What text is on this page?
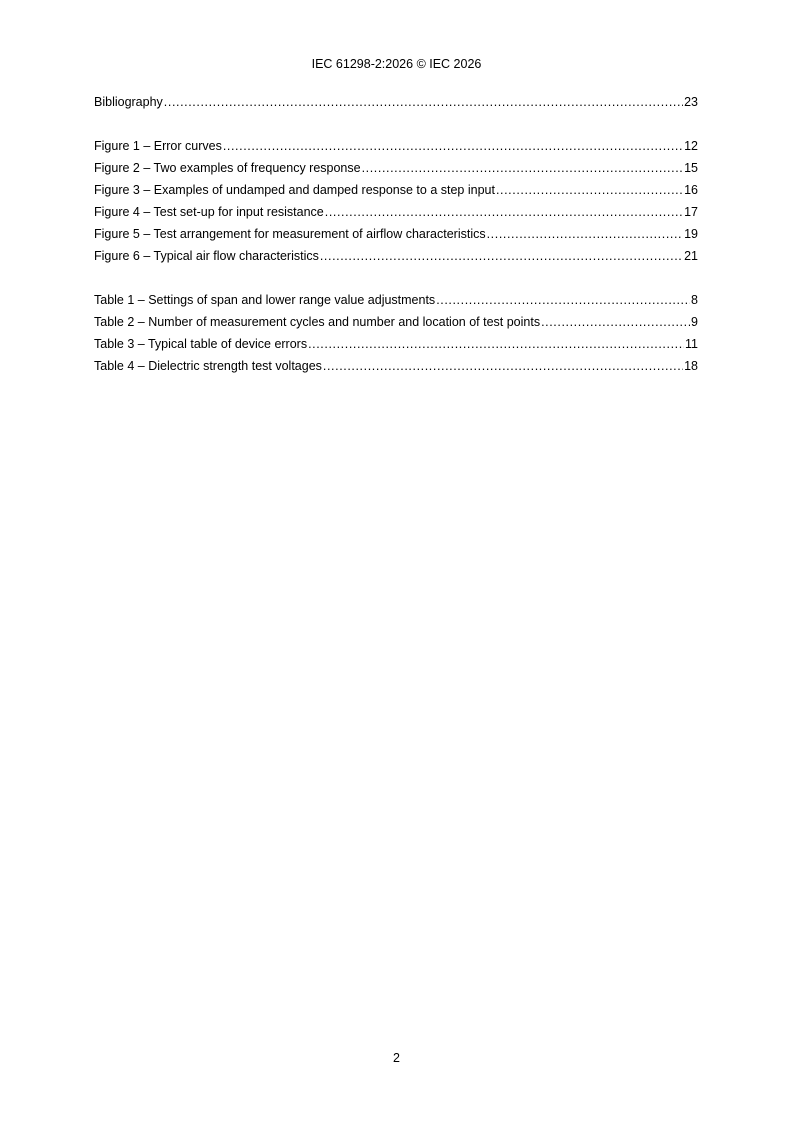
IEC 61298-2:2026 © IEC 2026
Bibliography .....	23
Figure 1 – Error curves .....	12
Figure 2 – Two examples of frequency response .....	15
Figure 3 – Examples of undamped and damped response to a step input .....	16
Figure 4 – Test set-up for input resistance .....	17
Figure 5 – Test arrangement for measurement of airflow characteristics .....	19
Figure 6 – Typical air flow characteristics .....	21
Table 1 – Settings of span and lower range value adjustments .....	8
Table 2 – Number of measurement cycles and number and location of test points .....	9
Table 3 – Typical table of device errors .....	11
Table 4 – Dielectric strength test voltages .....	18
2
